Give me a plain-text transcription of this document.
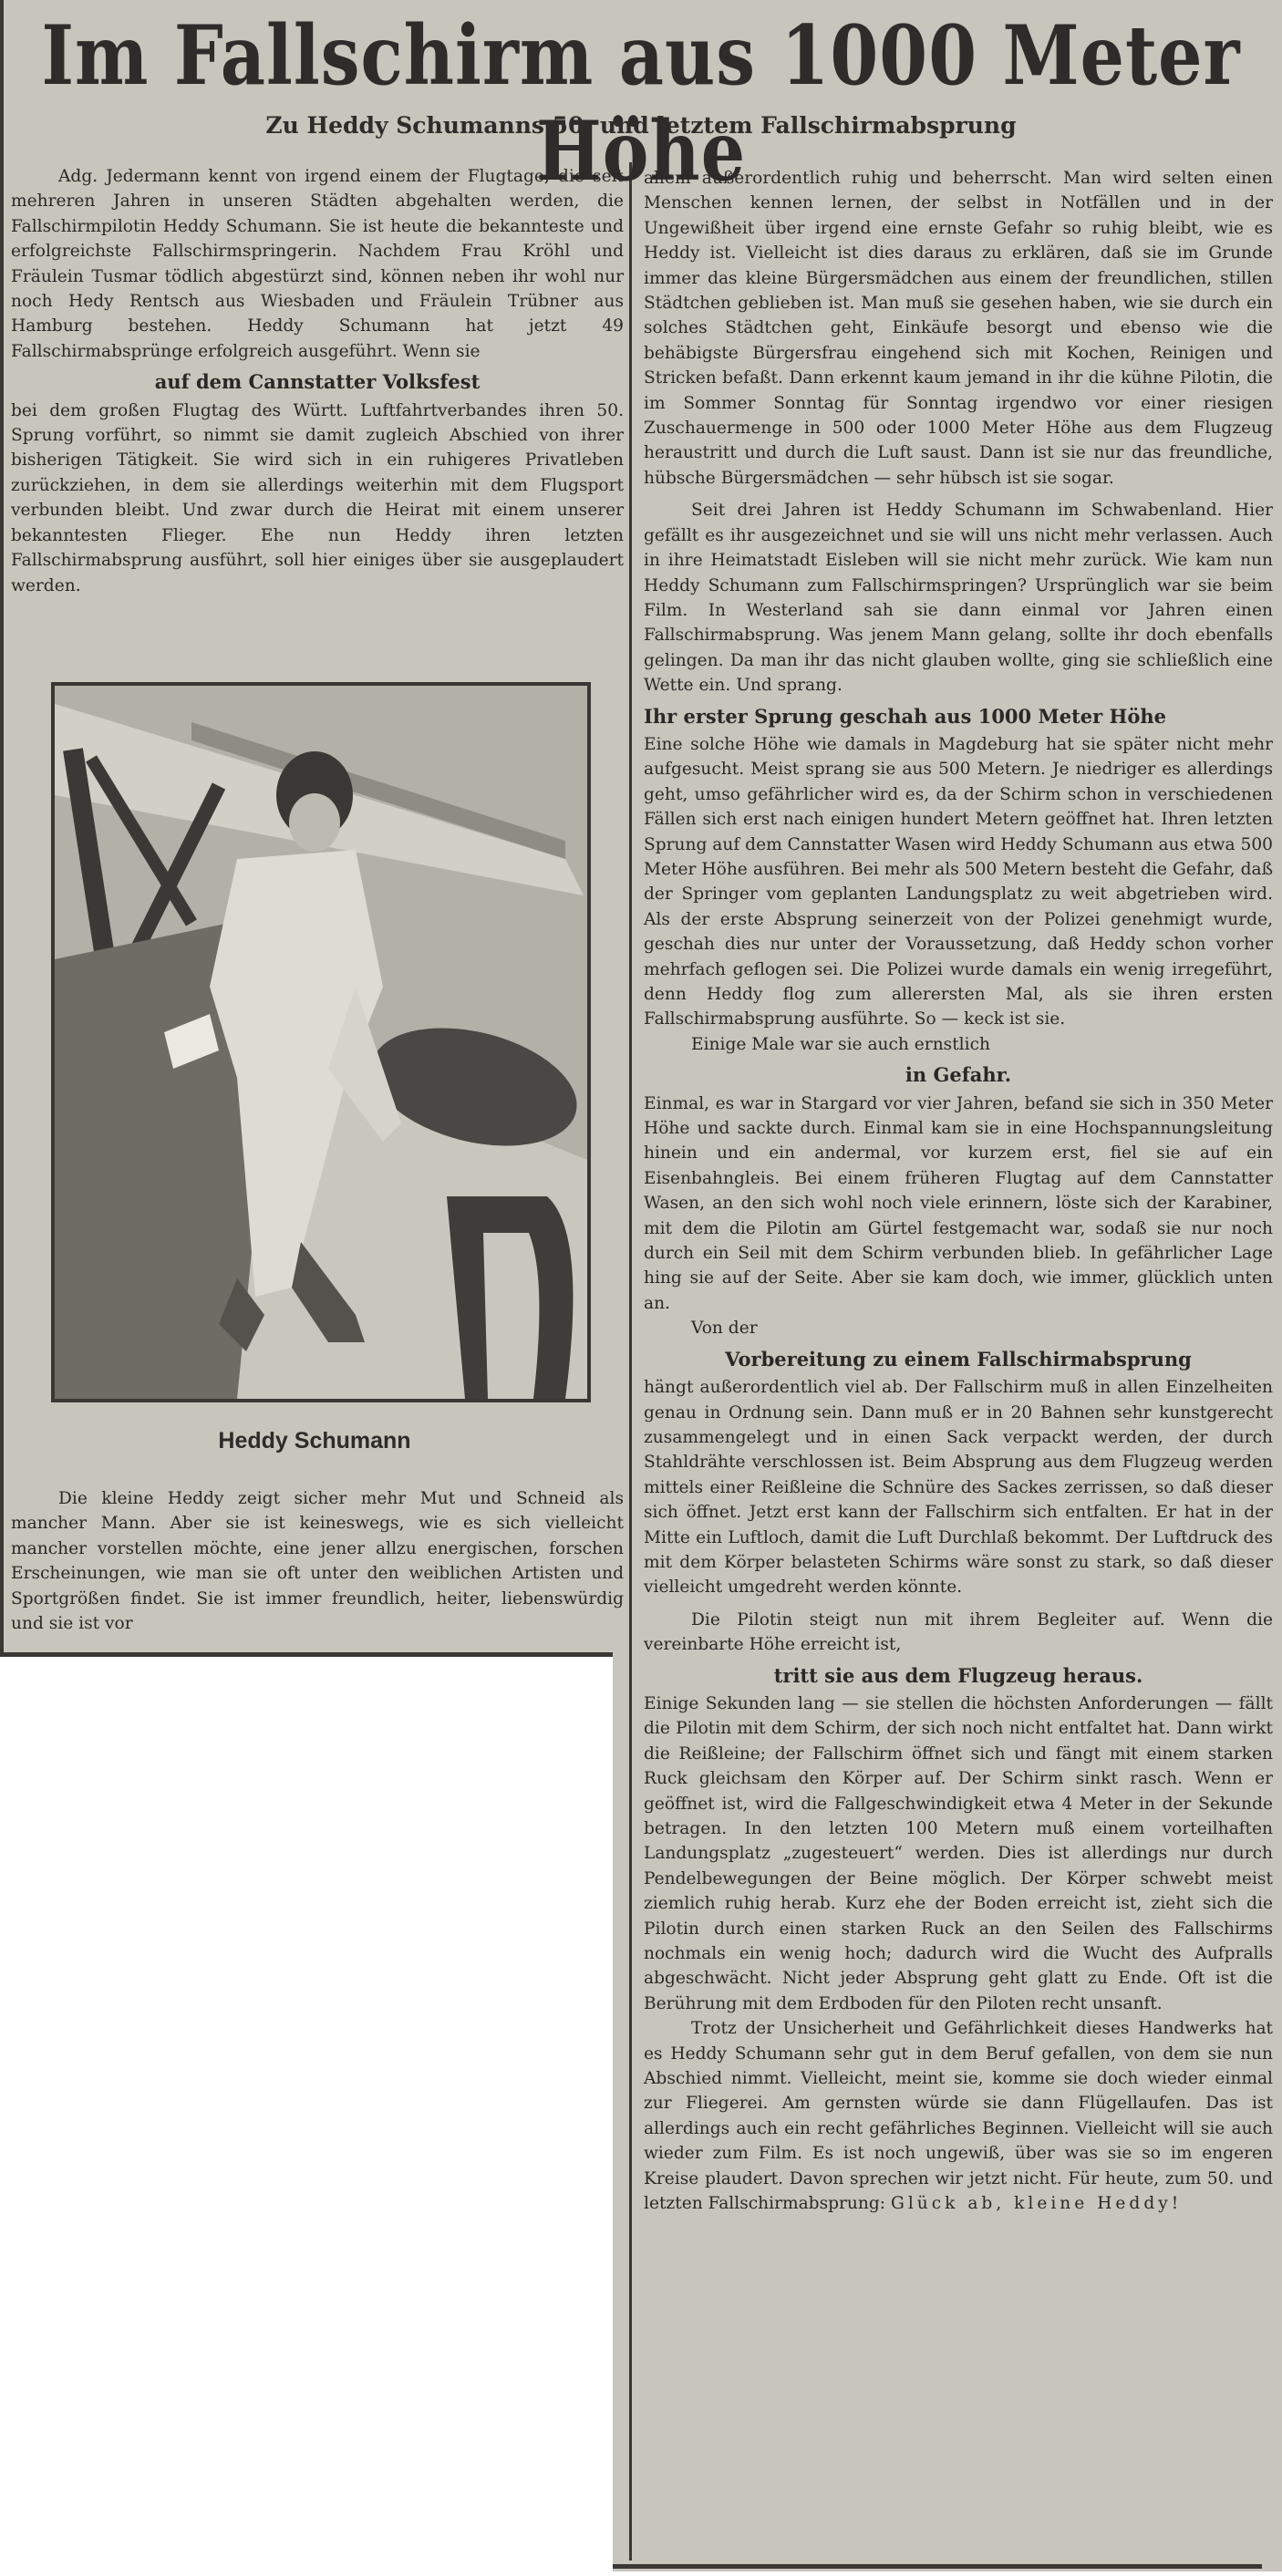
Im Fallschirm aus 1000 Meter Höhe
Zu Heddy Schumanns 50. und letztem Fallschirmabsprung

Adg. Jedermann kennt von irgend einem der Flugtage, die seit mehreren Jahren in unseren Städten abgehalten werden, die Fallschirmpilotin Heddy Schumann. Sie ist heute die bekannteste und erfolgreichste Fallschirmspringerin. Nachdem Frau Kröhl und Fräulein Tusmar tödlich abgestürzt sind, können neben ihr wohl nur noch Hedy Rentsch aus Wiesbaden und Fräulein Trübner aus Hamburg bestehen. Heddy Schumann hat jetzt 49 Fallschirmabsprünge erfolgreich ausgeführt. Wenn sie

auf dem Cannstatter Volksfest

bei dem großen Flugtag des Württ. Luftfahrtverbandes ihren 50. Sprung vorführt, so nimmt sie damit zugleich Abschied von ihrer bisherigen Tätigkeit. Sie wird sich in ein ruhigeres Privatleben zurückziehen, in dem sie allerdings weiterhin mit dem Flugsport verbunden bleibt. Und zwar durch die Heirat mit einem unserer bekanntesten Flieger. Ehe nun Heddy ihren letzten Fallschirmabsprung ausführt, soll hier einiges über sie ausgeplaudert werden.

Heddy Schumann

Die kleine Heddy zeigt sicher mehr Mut und Schneid als mancher Mann. Aber sie ist keineswegs, wie es sich vielleicht mancher vorstellen möchte, eine jener allzu energischen, forschen Erscheinungen, wie man sie oft unter den weiblichen Artisten und Sportgrößen findet. Sie ist immer freundlich, heiter, liebenswürdig und sie ist vor

allem außerordentlich ruhig und beherrscht. Man wird selten einen Menschen kennen lernen, der selbst in Notfällen und in der Ungewißheit über irgend eine ernste Gefahr so ruhig bleibt, wie es Heddy ist. Vielleicht ist dies daraus zu erklären, daß sie im Grunde immer das kleine Bürgersmädchen aus einem der freundlichen, stillen Städtchen geblieben ist. Man muß sie gesehen haben, wie sie durch ein solches Städtchen geht, Einkäufe besorgt und ebenso wie die behäbigste Bürgersfrau eingehend sich mit Kochen, Reinigen und Stricken befaßt. Dann erkennt kaum jemand in ihr die kühne Pilotin, die im Sommer Sonntag für Sonntag irgendwo vor einer riesigen Zuschauermenge in 500 oder 1000 Meter Höhe aus dem Flugzeug heraustritt und durch die Luft saust. Dann ist sie nur das freundliche, hübsche Bürgersmädchen — sehr hübsch ist sie sogar.

Seit drei Jahren ist Heddy Schumann im Schwabenland. Hier gefällt es ihr ausgezeichnet und sie will uns nicht mehr verlassen. Auch in ihre Heimatstadt Eisleben will sie nicht mehr zurück. Wie kam nun Heddy Schumann zum Fallschirmspringen? Ursprünglich war sie beim Film. In Westerland sah sie dann einmal vor Jahren einen Fallschirmabsprung. Was jenem Mann gelang, sollte ihr doch ebenfalls gelingen. Da man ihr das nicht glauben wollte, ging sie schließlich eine Wette ein. Und sprang.

Ihr erster Sprung geschah aus 1000 Meter Höhe

Eine solche Höhe wie damals in Magdeburg hat sie später nicht mehr aufgesucht. Meist sprang sie aus 500 Metern. Je niedriger es allerdings geht, umso gefährlicher wird es, da der Schirm schon in verschiedenen Fällen sich erst nach einigen hundert Metern geöffnet hat. Ihren letzten Sprung auf dem Cannstatter Wasen wird Heddy Schumann aus etwa 500 Meter Höhe ausführen. Bei mehr als 500 Metern besteht die Gefahr, daß der Springer vom geplanten Landungsplatz zu weit abgetrieben wird. Als der erste Absprung seinerzeit von der Polizei genehmigt wurde, geschah dies nur unter der Voraussetzung, daß Heddy schon vorher mehrfach geflogen sei. Die Polizei wurde damals ein wenig irregeführt, denn Heddy flog zum allerersten Mal, als sie ihren ersten Fallschirmabsprung ausführte. So — keck ist sie.

Einige Male war sie auch ernstlich

in Gefahr.

Einmal, es war in Stargard vor vier Jahren, befand sie sich in 350 Meter Höhe und sackte durch. Einmal kam sie in eine Hochspannungsleitung hinein und ein andermal, vor kurzem erst, fiel sie auf ein Eisenbahngleis. Bei einem früheren Flugtag auf dem Cannstatter Wasen, an den sich wohl noch viele erinnern, löste sich der Karabiner, mit dem die Pilotin am Gürtel festgemacht war, sodaß sie nur noch durch ein Seil mit dem Schirm verbunden blieb. In gefährlicher Lage hing sie auf der Seite. Aber sie kam doch, wie immer, glücklich unten an.

Von der

Vorbereitung zu einem Fallschirmabsprung

hängt außerordentlich viel ab. Der Fallschirm muß in allen Einzelheiten genau in Ordnung sein. Dann muß er in 20 Bahnen sehr kunstgerecht zusammengelegt und in einen Sack verpackt werden, der durch Stahldrähte verschlossen ist. Beim Absprung aus dem Flugzeug werden mittels einer Reißleine die Schnüre des Sackes zerrissen, so daß dieser sich öffnet. Jetzt erst kann der Fallschirm sich entfalten. Er hat in der Mitte ein Luftloch, damit die Luft Durchlaß bekommt. Der Luftdruck des mit dem Körper belasteten Schirms wäre sonst zu stark, so daß dieser vielleicht umgedreht werden könnte.

Die Pilotin steigt nun mit ihrem Begleiter auf. Wenn die vereinbarte Höhe erreicht ist,

tritt sie aus dem Flugzeug heraus.

Einige Sekunden lang — sie stellen die höchsten Anforderungen — fällt die Pilotin mit dem Schirm, der sich noch nicht entfaltet hat. Dann wirkt die Reißleine; der Fallschirm öffnet sich und fängt mit einem starken Ruck gleichsam den Körper auf. Der Schirm sinkt rasch. Wenn er geöffnet ist, wird die Fallgeschwindigkeit etwa 4 Meter in der Sekunde betragen. In den letzten 100 Metern muß einem vorteilhaften Landungsplatz „zugesteuert“ werden. Dies ist allerdings nur durch Pendelbewegungen der Beine möglich. Der Körper schwebt meist ziemlich ruhig herab. Kurz ehe der Boden erreicht ist, zieht sich die Pilotin durch einen starken Ruck an den Seilen des Fallschirms nochmals ein wenig hoch; dadurch wird die Wucht des Aufpralls abgeschwächt. Nicht jeder Absprung geht glatt zu Ende. Oft ist die Berührung mit dem Erdboden für den Piloten recht unsanft.

Trotz der Unsicherheit und Gefährlichkeit dieses Handwerks hat es Heddy Schumann sehr gut in dem Beruf gefallen, von dem sie nun Abschied nimmt. Vielleicht, meint sie, komme sie doch wieder einmal zur Fliegerei. Am gernsten würde sie dann Flügellaufen. Das ist allerdings auch ein recht gefährliches Beginnen. Vielleicht will sie auch wieder zum Film. Es ist noch ungewiß, über was sie so im engeren Kreise plaudert. Davon sprechen wir jetzt nicht. Für heute, zum 50. und letzten Fallschirmabsprung: Glück ab, kleine Heddy!
